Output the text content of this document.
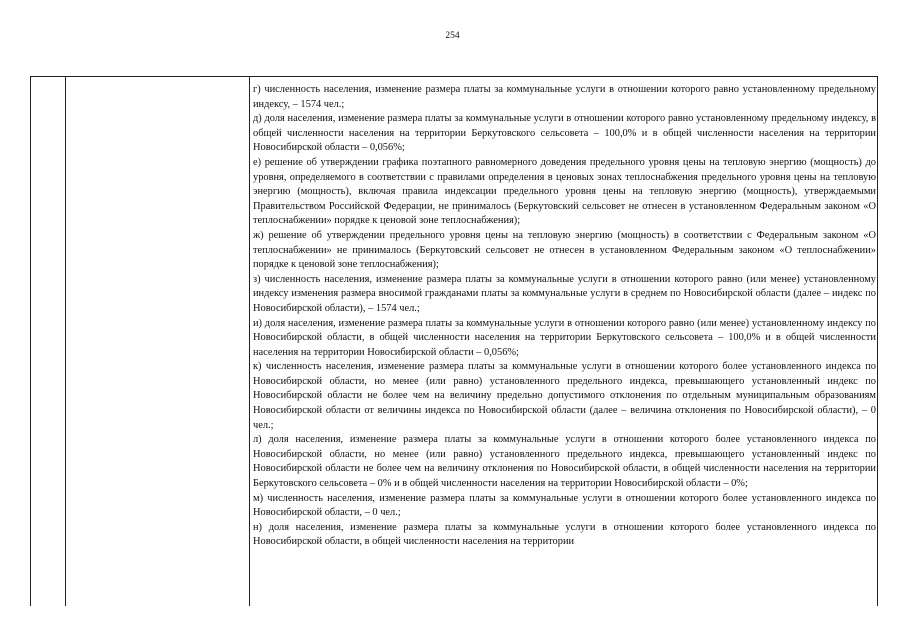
254

г) численность населения, изменение размера платы за коммунальные услуги в отношении которого равно установленному предельному индексу, – 1574 чел.;

д) доля населения, изменение размера платы за коммунальные услуги в отношении которого равно установленному предельному индексу, в общей численности населения на территории Беркутовского сельсовета – 100,0% и в общей численности населения на территории Новосибирской области – 0,056%;

е) решение об утверждении графика поэтапного равномерного доведения предельного уровня цены на тепловую энергию (мощность) до уровня, определяемого в соответствии с правилами определения в ценовых зонах теплоснабжения предельного уровня цены на тепловую энергию (мощность), включая правила индексации предельного уровня цены на тепловую энергию (мощность), утверждаемыми Правительством Российской Федерации, не принималось (Беркутовский сельсовет не отнесен в установленном Федеральным законом «О теплоснабжении» порядке к ценовой зоне теплоснабжения);

ж) решение об утверждении предельного уровня цены на тепловую энергию (мощность) в соответствии с Федеральным законом «О теплоснабжении» не принималось (Беркутовский сельсовет не отнесен в установленном Федеральным законом «О теплоснабжении» порядке к ценовой зоне теплоснабжения);

з) численность населения, изменение размера платы за коммунальные услуги в отношении которого равно (или менее) установленному индексу изменения размера вносимой гражданами платы за коммунальные услуги в среднем по Новосибирской области (далее – индекс по Новосибирской области), – 1574 чел.;

и) доля населения, изменение размера платы за коммунальные услуги в отношении которого равно (или менее) установленному индексу по Новосибирской области, в общей численности населения на территории Беркутовского сельсовета – 100,0% и в общей численности населения на территории Новосибирской области – 0,056%;

к) численность населения, изменение размера платы за коммунальные услуги в отношении которого более установленного индекса по Новосибирской области, но менее (или равно) установленного предельного индекса, превышающего установленный индекс по Новосибирской области не более чем на величину предельно допустимого отклонения по отдельным муниципальным образованиям Новосибирской области от величины индекса по Новосибирской области (далее – величина отклонения по Новосибирской области), – 0 чел.;

л) доля населения, изменение размера платы за коммунальные услуги в отношении которого более установленного индекса по Новосибирской области, но менее (или равно) установленного предельного индекса, превышающего установленный индекс по Новосибирской области не более чем на величину отклонения по Новосибирской области, в общей численности населения на территории Беркутовского сельсовета – 0% и в общей численности населения на территории Новосибирской области – 0%;

м) численность населения, изменение размера платы за коммунальные услуги в отношении которого более установленного индекса по Новосибирской области, – 0 чел.;

н) доля населения, изменение размера платы за коммунальные услуги в отношении которого более установленного индекса по Новосибирской области, в общей численности населения на территории
